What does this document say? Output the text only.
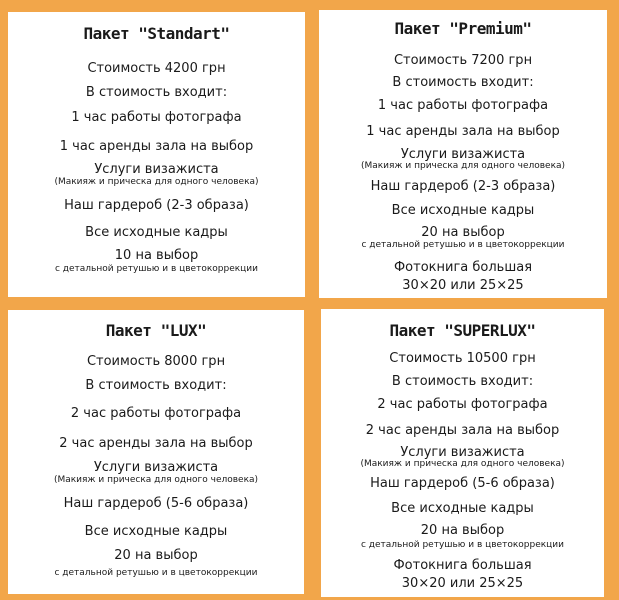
Пакет "Standart"
Стоимость 4200 грн
В стоимость входит:
1 час работы фотографа
1 час аренды зала на выбор
Услуги визажиста
(Макияж и прическа для одного человека)
Наш гардероб (2-3 образа)
Все исходные кадры
10 на выбор
с детальной ретушью и в цветокоррекции
Пакет "Premium"
Стоимость 7200 грн
В стоимость входит:
1 час работы фотографа
1 час аренды зала на выбор
Услуги визажиста
(Макияж и прическа для одного человека)
Наш гардероб (2-3 образа)
Все исходные кадры
20 на выбор
с детальной ретушью и в цветокоррекции
Фотокнига большая
30×20 или 25×25
Пакет "LUX"
Стоимость 8000 грн
В стоимость входит:
2 час работы фотографа
2 час аренды зала на выбор
Услуги визажиста
(Макияж и прическа для одного человека)
Наш гардероб (5-6 образа)
Все исходные кадры
20 на выбор
с детальной ретушью и в цветокоррекции
Пакет "SUPERLUX"
Стоимость 10500 грн
В стоимость входит:
2 час работы фотографа
2 час аренды зала на выбор
Услуги визажиста
(Макияж и прическа для одного человека)
Наш гардероб (5-6 образа)
Все исходные кадры
20 на выбор
с детальной ретушью и в цветокоррекции
Фотокнига большая
30×20 или 25×25
